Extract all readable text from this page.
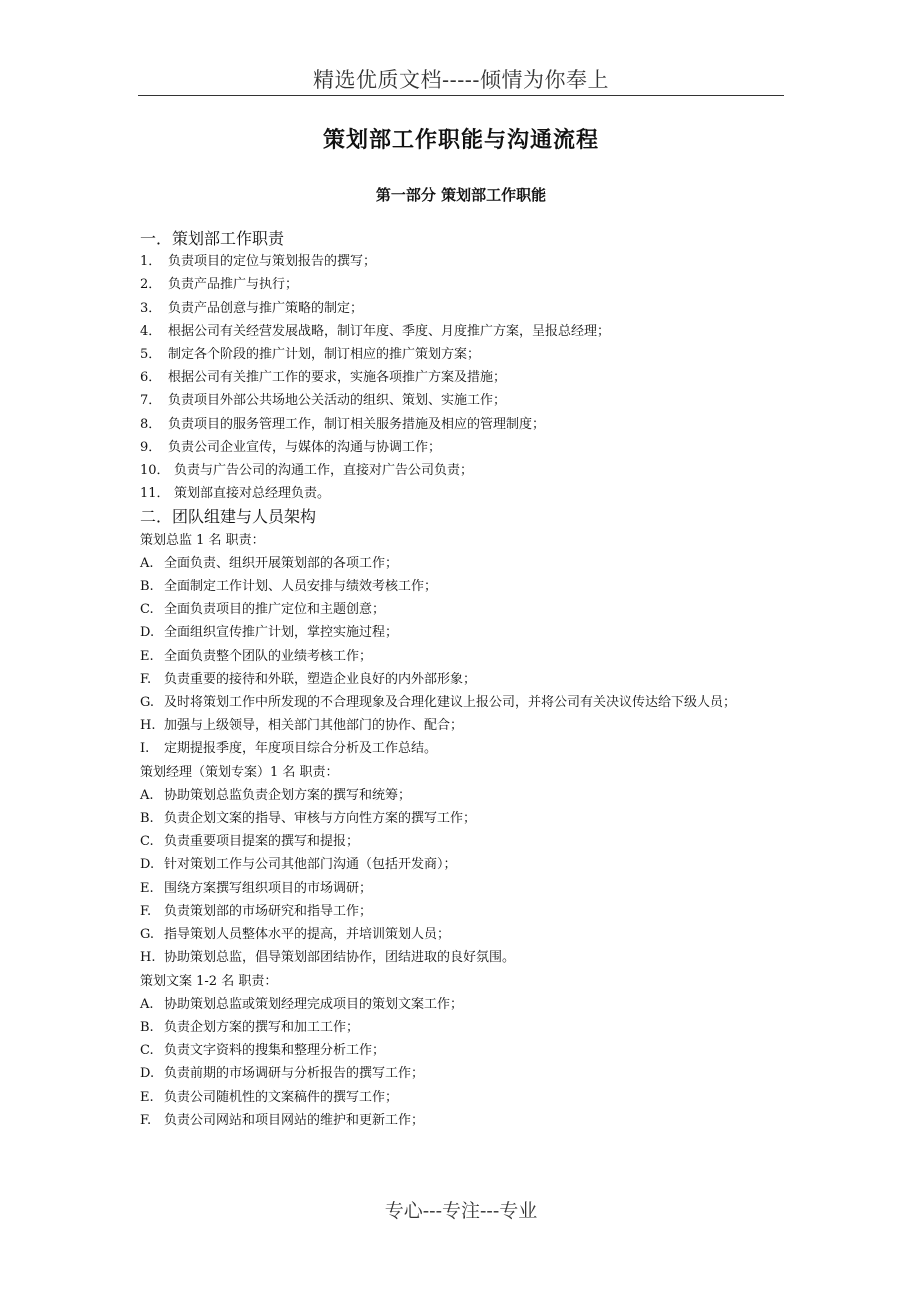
精选优质文档-----倾情为你奉上
策划部工作职能与沟通流程
第一部分 策划部工作职能
一．策划部工作职责
1． 负责项目的定位与策划报告的撰写；
2． 负责产品推广与执行；
3． 负责产品创意与推广策略的制定；
4． 根据公司有关经营发展战略，制订年度、季度、月度推广方案，呈报总经理；
5． 制定各个阶段的推广计划，制订相应的推广策划方案；
6． 根据公司有关推广工作的要求，实施各项推广方案及措施；
7． 负责项目外部公共场地公关活动的组织、策划、实施工作；
8． 负责项目的服务管理工作，制订相关服务措施及相应的管理制度；
9． 负责公司企业宣传，与媒体的沟通与协调工作；
10． 负责与广告公司的沟通工作，直接对广告公司负责；
11． 策划部直接对总经理负责。
二．团队组建与人员架构
策划总监 1 名 职责：
A. 全面负责、组织开展策划部的各项工作；
B. 全面制定工作计划、人员安排与绩效考核工作；
C. 全面负责项目的推广定位和主题创意；
D. 全面组织宣传推广计划，掌控实施过程；
E. 全面负责整个团队的业绩考核工作；
F. 负责重要的接待和外联，塑造企业良好的内外部形象；
G. 及时将策划工作中所发现的不合理现象及合理化建议上报公司，并将公司有关决议传达给下级人员；
H. 加强与上级领导，相关部门其他部门的协作、配合；
I. 定期提报季度，年度项目综合分析及工作总结。
策划经理（策划专案）1 名 职责：
A. 协助策划总监负责企划方案的撰写和统筹；
B. 负责企划文案的指导、审核与方向性方案的撰写工作；
C. 负责重要项目提案的撰写和提报；
D. 针对策划工作与公司其他部门沟通（包括开发商）；
E. 围绕方案撰写组织项目的市场调研；
F. 负责策划部的市场研究和指导工作；
G. 指导策划人员整体水平的提高，并培训策划人员；
H. 协助策划总监，倡导策划部团结协作，团结进取的良好氛围。
策划文案 1-2 名 职责：
A. 协助策划总监或策划经理完成项目的策划文案工作；
B. 负责企划方案的撰写和加工工作；
C. 负责文字资料的搜集和整理分析工作；
D. 负责前期的市场调研与分析报告的撰写工作；
E. 负责公司随机性的文案稿件的撰写工作；
F. 负责公司网站和项目网站的维护和更新工作；
专心---专注---专业
